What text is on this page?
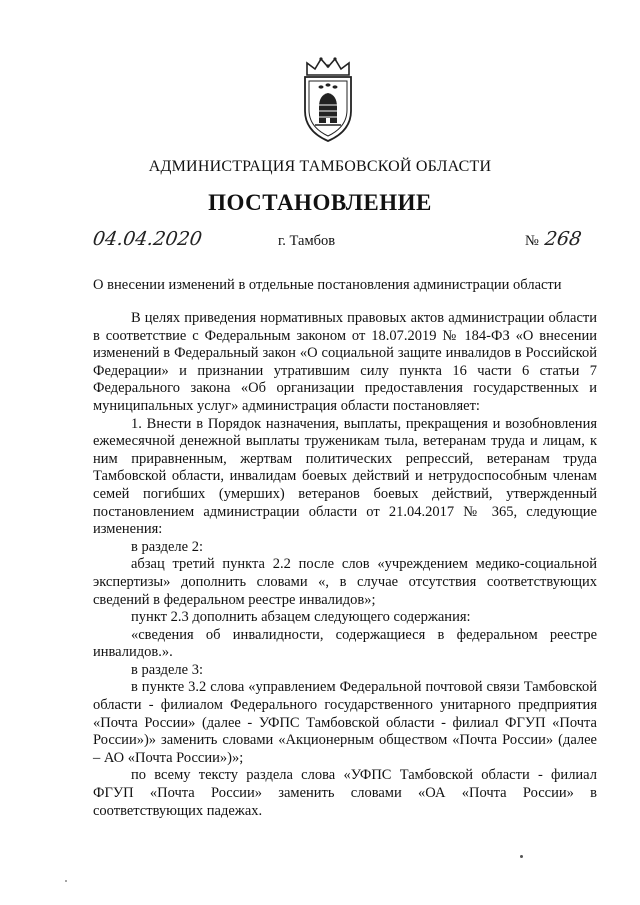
АДМИНИСТРАЦИЯ ТАМБОВСКОЙ ОБЛАСТИ
ПОСТАНОВЛЕНИЕ
04.04.2020	г. Тамбов	№ 268
О внесении изменений в отдельные постановления администрации области

В целях приведения нормативных правовых актов администрации области в соответствие с Федеральным законом от 18.07.2019 № 184-ФЗ «О внесении изменений в Федеральный закон «О социальной защите инвалидов в Российской Федерации» и признании утратившим силу пункта 16 части 6 статьи 7 Федерального закона «Об организации предоставления государственных и муниципальных услуг» администрация области постановляет:

1. Внести в Порядок назначения, выплаты, прекращения и возобновления ежемесячной денежной выплаты труженикам тыла, ветеранам труда и лицам, к ним приравненным, жертвам политических репрессий, ветеранам труда Тамбовской области, инвалидам боевых действий и нетрудоспособным членам семей погибших (умерших) ветеранов боевых действий, утвержденный постановлением администрации области от 21.04.2017 № 365, следующие изменения:

в разделе 2:

абзац третий пункта 2.2 после слов «учреждением медико-социальной экспертизы» дополнить словами «, в случае отсутствия соответствующих сведений в федеральном реестре инвалидов»;

пункт 2.3 дополнить абзацем следующего содержания:

«сведения об инвалидности, содержащиеся в федеральном реестре инвалидов.».

в разделе 3:

в пункте 3.2 слова «управлением Федеральной почтовой связи Тамбовской области - филиалом Федерального государственного унитарного предприятия «Почта России» (далее - УФПС Тамбовской области - филиал ФГУП «Почта России»)» заменить словами «Акционерным обществом «Почта России» (далее – АО «Почта России»)»;

по всему тексту раздела слова «УФПС Тамбовской области - филиал ФГУП «Почта России» заменить словами «ОА «Почта России» в соответствующих падежах.
